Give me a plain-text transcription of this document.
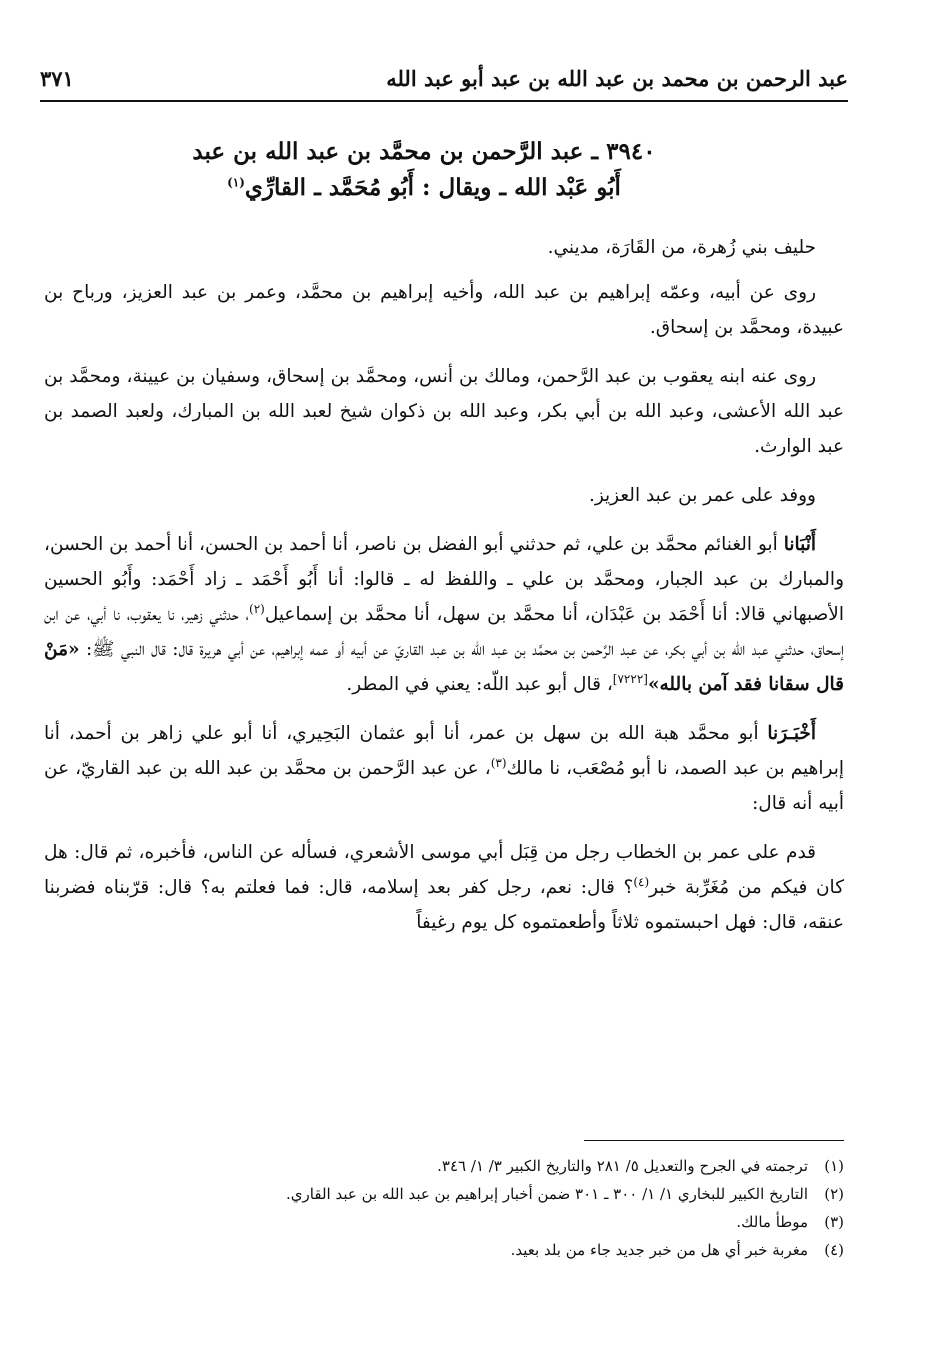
عبد الرحمن بن محمد بن عبد الله بن عبد أبو عبد الله
٣٧١
٣٩٤٠ ـ عبد الرَّحمن بن محمَّد بن عبد الله بن عبد
أَبُو عَبْد الله ـ ويقال : أَبُو مُحَمَّد ـ القارِّي$^{(١)}$

حليف بني زُهرة، من القَارَة، مديني.

روى عن أبيه، وعمّه إبراهيم بن عبد الله، وأخيه إبراهيم بن محمَّد، وعمر بن عبد العزيز، ورباح بن عبيدة، ومحمَّد بن إسحاق.

روى عنه ابنه يعقوب بن عبد الرَّحمن، ومالك بن أنس، ومحمَّد بن إسحاق، وسفيان بن عيينة، ومحمَّد بن عبد الله الأعشى، وعبد الله بن أبي بكر، وعبد الله بن ذكوان شيخ لعبد الله بن المبارك، ولعبد الصمد بن عبد الوارث.

ووفد على عمر بن عبد العزيز.

أَنْبَانا أبو الغنائم محمَّد بن علي، ثم حدثني أبو الفضل بن ناصر، أنا أحمد بن الحسن، أنا أحمد بن الحسن، والمبارك بن عبد الجبار، ومحمَّد بن علي ـ واللفظ له ـ قالوا: أنا أَبُو أَحْمَد ـ زاد أَحْمَد: وأَبُو الحسين الأصبهاني قالا: أنا أَحْمَد بن عَبْدَان، أنا محمَّد بن سهل، أنا محمَّد بن إسماعيل$^{(٢)}$، حدثني زهير، نا يعقوب، نا أبي، عن ابن إسحاق، حدثني عبد الله بن أبي بكر، عن عبد الرَّحمن بن محمَّد بن عبد الله بن عبد القاريّ عن أبيه أو عمه إبراهيم، عن أبي هريرة قال: قال النبي ﷺ: «مَنْ قال سقانا فقد آمن بالله»[٧٢٢٢]، قال أبو عبد اللّه: يعني في المطر.

أَخْبَـرَنا أبو محمَّد هبة الله بن سهل بن عمر، أنا أبو عثمان البَحِيري، أنا أبو علي زاهر بن أحمد، أنا إبراهيم بن عبد الصمد، نا أبو مُصْعَب، نا مالك$^{(٣)}$، عن عبد الرَّحمن بن محمَّد بن عبد الله بن عبد القاريّ، عن أبيه أنه قال:

قدم على عمر بن الخطاب رجل من قِبَل أبي موسى الأشعري، فسأله عن الناس، فأخبره، ثم قال: هل كان فيكم من مُغَرِّبة خبر$^{(٤)}$؟ قال: نعم، رجل كفر بعد إسلامه، قال: فما فعلتم به؟ قال: قرّبناه فضربنا عنقه، قال: فهل احبستموه ثلاثاً وأطعمتموه كل يوم رغيفاً

(١)
ترجمته في الجرح والتعديل ٥/ ٢٨١ والتاريخ الكبير ٣/ ١/ ٣٤٦.
(٢)
التاريخ الكبير للبخاري ١/ ١/ ٣٠٠ ـ ٣٠١ ضمن أخبار إبراهيم بن عبد الله بن عبد القاري.
(٣)
موطأ مالك.
(٤)
مغربة خبر أي هل من خبر جديد جاء من بلد بعيد.
